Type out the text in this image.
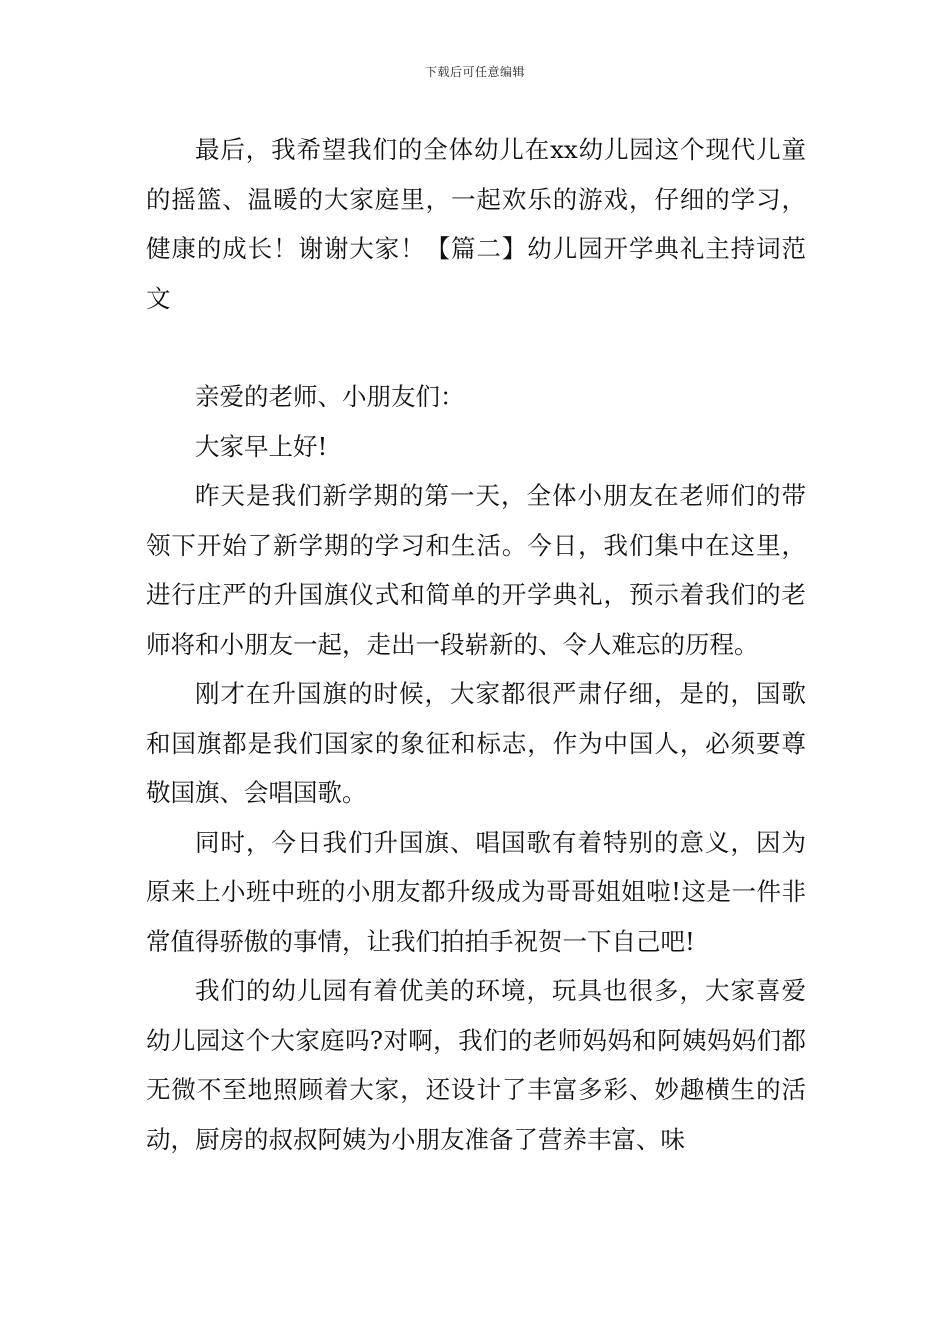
下载后可任意编辑

最后，我希望我们的全体幼儿在xx幼儿园这个现代儿童的摇篮、温暖的大家庭里，一起欢乐的游戏，仔细的学习，健康的成长！谢谢大家！【篇二】幼儿园开学典礼主持词范文

亲爱的老师、小朋友们：

大家早上好!

昨天是我们新学期的第一天，全体小朋友在老师们的带领下开始了新学期的学习和生活。今日，我们集中在这里，进行庄严的升国旗仪式和简单的开学典礼，预示着我们的老师将和小朋友一起，走出一段崭新的、令人难忘的历程。

刚才在升国旗的时候，大家都很严肃仔细，是的，国歌和国旗都是我们国家的象征和标志，作为中国人，必须要尊敬国旗、会唱国歌。

同时，今日我们升国旗、唱国歌有着特别的意义，因为原来上小班中班的小朋友都升级成为哥哥姐姐啦!这是一件非常值得骄傲的事情，让我们拍拍手祝贺一下自己吧!

我们的幼儿园有着优美的环境，玩具也很多，大家喜爱幼儿园这个大家庭吗?对啊，我们的老师妈妈和阿姨妈妈们都无微不至地照顾着大家，还设计了丰富多彩、妙趣横生的活动，厨房的叔叔阿姨为小朋友准备了营养丰富、味
